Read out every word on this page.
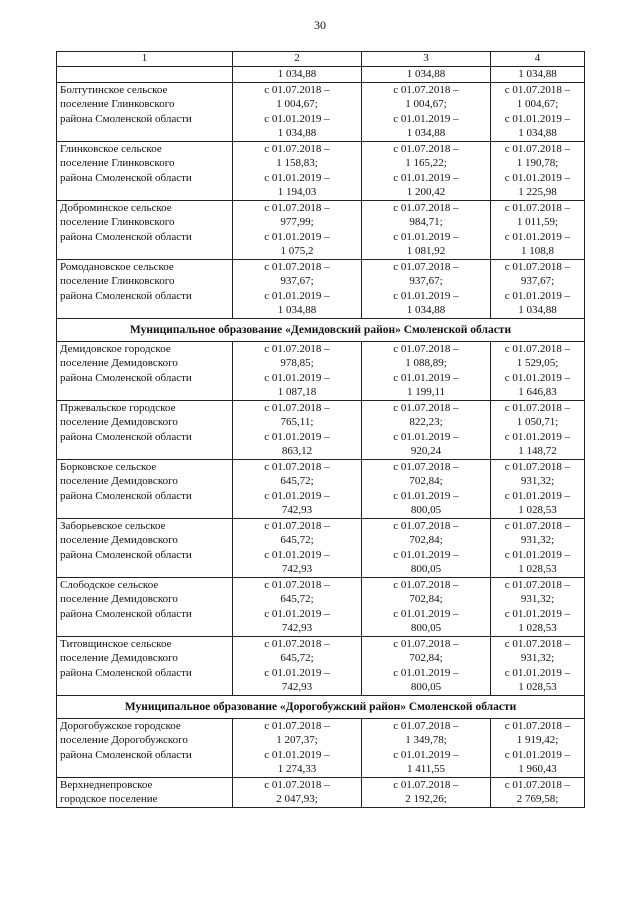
30
1	2	3	4

	1 034,88	1 034,88	1 034,88

Болтутинское сельское
поселение Глинковского
района Смоленской области	с 01.07.2018 –
1 004,67;
с 01.01.2019 –
1 034,88	с 01.07.2018 –
1 004,67;
с 01.01.2019 –
1 034,88	с 01.07.2018 –
1 004,67;
с 01.01.2019 –
1 034,88

Глинковское сельское
поселение Глинковского
района Смоленской области	с 01.07.2018 –
1 158,83;
с 01.01.2019 –
1 194,03	с 01.07.2018 –
1 165,22;
с 01.01.2019 –
1 200,42	с 01.07.2018 –
1 190,78;
с 01.01.2019 –
1 225,98

Доброминское сельское
поселение Глинковского
района Смоленской области	с 01.07.2018 –
977,99;
с 01.01.2019 –
1 075,2	с 01.07.2018 –
984,71;
с 01.01.2019 –
1 081,92	с 01.07.2018 –
1 011,59;
с 01.01.2019 –
1 108,8

Ромодановское сельское
поселение Глинковского
района Смоленской области	с 01.07.2018 –
937,67;
с 01.01.2019 –
1 034,88	с 01.07.2018 –
937,67;
с 01.01.2019 –
1 034,88	с 01.07.2018 –
937,67;
с 01.01.2019 –
1 034,88

Муниципальное образование «Демидовский район» Смоленской области			

Демидовское городское
поселение Демидовского
района Смоленской области	с 01.07.2018 –
978,85;
с 01.01.2019 –
1 087,18	с 01.07.2018 –
1 088,89;
с 01.01.2019 –
1 199,11	с 01.07.2018 –
1 529,05;
с 01.01.2019 –
1 646,83

Пржевальское городское
поселение Демидовского
района Смоленской области	с 01.07.2018 –
765,11;
с 01.01.2019 –
863,12	с 01.07.2018 –
822,23;
с 01.01.2019 –
920,24	с 01.07.2018 –
1 050,71;
с 01.01.2019 –
1 148,72

Борковское сельское
поселение Демидовского
района Смоленской области	с 01.07.2018 –
645,72;
с 01.01.2019 –
742,93	с 01.07.2018 –
702,84;
с 01.01.2019 –
800,05	с 01.07.2018 –
931,32;
с 01.01.2019 –
1 028,53

Заборьевское сельское
поселение Демидовского
района Смоленской области	с 01.07.2018 –
645,72;
с 01.01.2019 –
742,93	с 01.07.2018 –
702,84;
с 01.01.2019 –
800,05	с 01.07.2018 –
931,32;
с 01.01.2019 –
1 028,53

Слободское сельское
поселение Демидовского
района Смоленской области	с 01.07.2018 –
645,72;
с 01.01.2019 –
742,93	с 01.07.2018 –
702,84;
с 01.01.2019 –
800,05	с 01.07.2018 –
931,32;
с 01.01.2019 –
1 028,53

Титовщинское сельское
поселение Демидовского
района Смоленской области	с 01.07.2018 –
645,72;
с 01.01.2019 –
742,93	с 01.07.2018 –
702,84;
с 01.01.2019 –
800,05	с 01.07.2018 –
931,32;
с 01.01.2019 –
1 028,53

Муниципальное образование «Дорогобужский район» Смоленской области			

Дорогобужское городское
поселение Дорогобужского
района Смоленской области	с 01.07.2018 –
1 207,37;
с 01.01.2019 –
1 274,33	с 01.07.2018 –
1 349,78;
с 01.01.2019 –
1 411,55	с 01.07.2018 –
1 919,42;
с 01.01.2019 –
1 960,43

Верхнеднепровское
городское поселение	с 01.07.2018 –
2 047,93;	с 01.07.2018 –
2 192,26;	с 01.07.2018 –
2 769,58;
